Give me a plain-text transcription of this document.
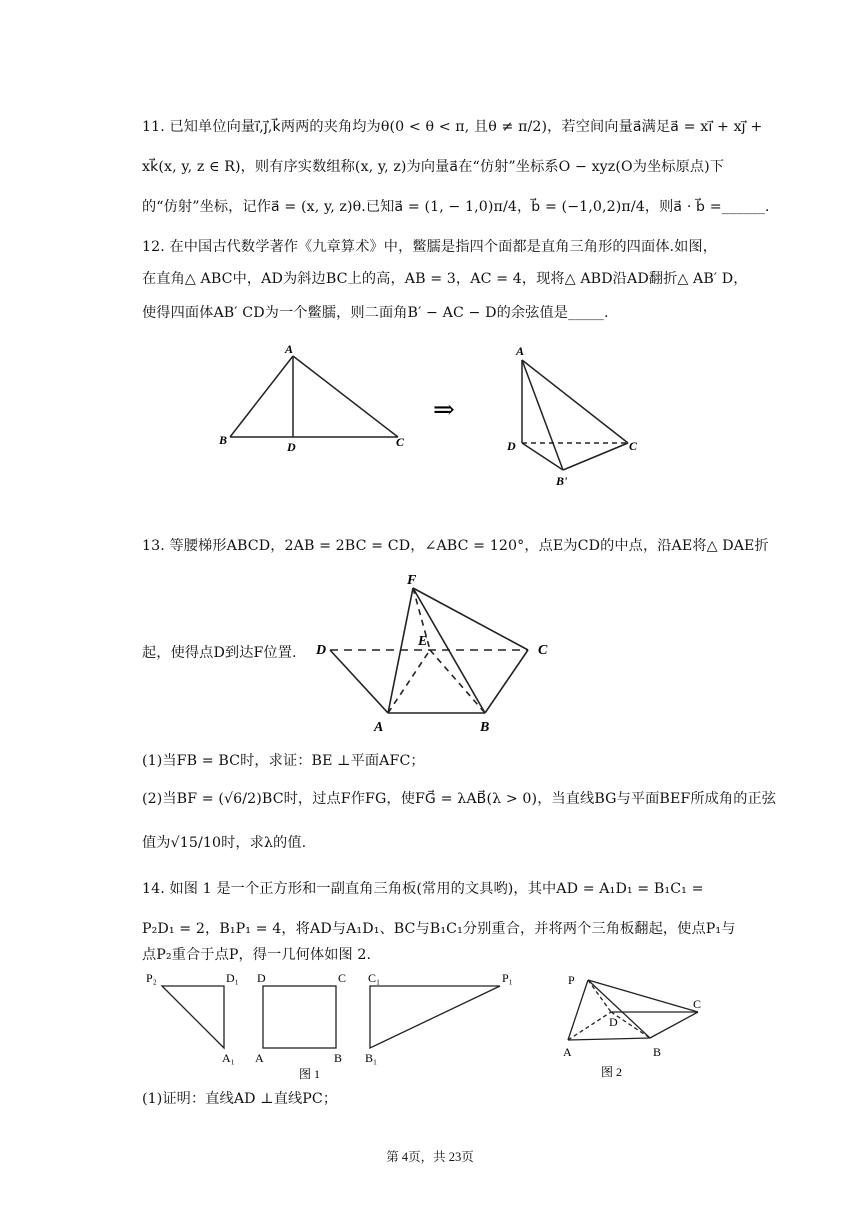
11. 已知单位向量i⃗,j⃗,k⃗两两的夹角均为θ(0 < θ < π, 且θ ≠ π/2)，若空间向量a⃗满足a⃗ = xi⃗ + xj⃗ +
xk⃗(x, y, z ∈ R)，则有序实数组称(x, y, z)为向量a⃗在“仿射”坐标系O − xyz(O为坐标原点)下
的“仿射”坐标，记作a⃗ = (x, y, z)θ.已知a⃗ = (1, − 1,0)π/4，b⃗ = (−1,0,2)π/4，则a⃗ · b⃗ =______.
12. 在中国古代数学著作《九章算术》中，鳖臑是指四个面都是直角三角形的四面体.如图，
在直角△ ABC中，AD为斜边BC上的高，AB = 3，AC = 4，现将△ ABD沿AD翻折△ AB′ D，
使得四面体AB′ CD为一个鳖臑，则二面角B′ − AC − D的余弦值是_____.
A
B	C
D
⇒
A
D	C
B'
13. 等腰梯形ABCD，2AB = 2BC = CD，∠ABC = 120°，点E为CD的中点，沿AE将△ DAE折
F
D
E
C
A	B
起，使得点D到达F位置.
(1)当FB = BC时，求证：BE ⊥平面AFC；
(2)当BF = (√6/2)BC时，过点F作FG，使FG⃗ = λAB⃗(λ > 0)，当直线BG与平面BEF所成角的正弦
值为√15/10时，求λ的值.
14. 如图 1 是一个正方形和一副直角三角板(常用的文具哟)，其中AD = A₁D₁ = B₁C₁ =
P₂D₁ = 2，B₁P₁ = 4，将AD与A₁D₁、BC与B₁C₁分别重合，并将两个三角板翻起，使点P₁与
点P₂重合于点P，得一几何体如图 2.
P₂	D₁
A₁
D	C
A	B
C₁	P₁
B₁
图 1
P
C
D
A	B
图 2
(1)证明：直线AD ⊥直线PC；
第 4页，共 23页
